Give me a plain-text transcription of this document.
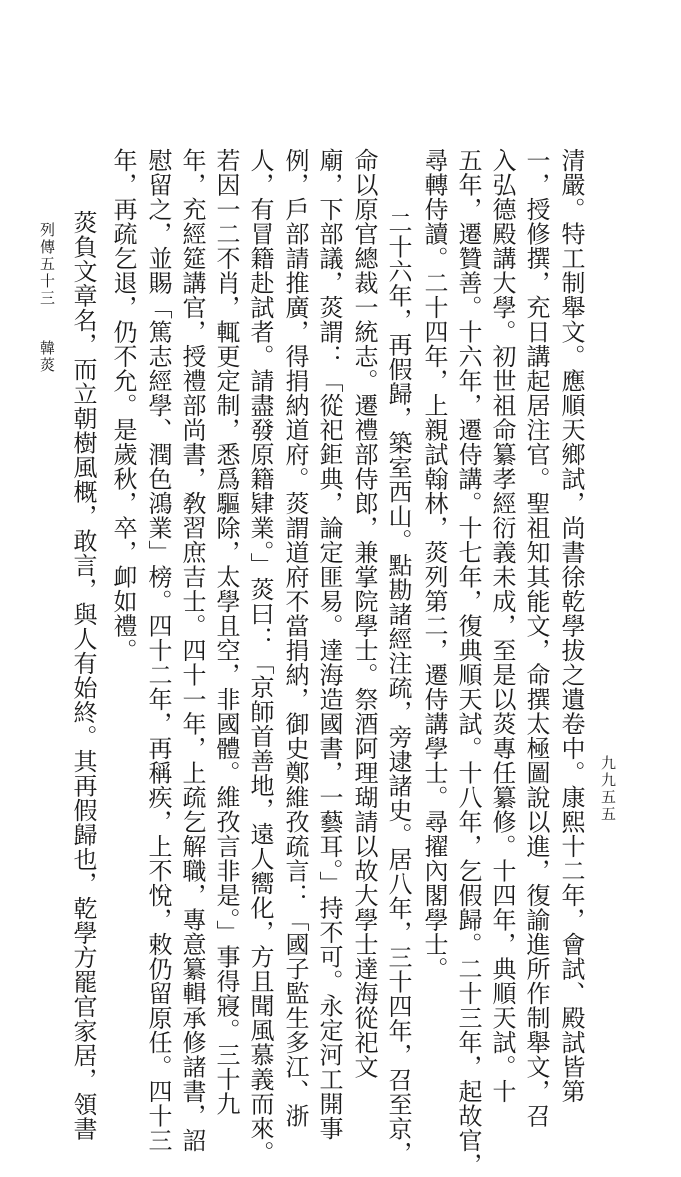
清嚴。特工制舉文。應順天鄉試，尚書徐乾學拔之遺卷中。康熙十二年，會試、殿試皆第
一，授修撰，充日講起居注官。聖祖知其能文，命撰太極圖說以進，復諭進所作制舉文，召
入弘德殿講大學。初世祖命纂孝經衍義未成，至是以菼專任纂修。十四年，典順天試。十
五年，遷贊善。十六年，遷侍講。十七年，復典順天試。十八年，乞假歸。二十三年，起故官，
尋轉侍讀。二十四年，上親試翰林，菼列第二，遷侍講學士。尋擢內閣學士。
二十六年，再假歸，築室西山。點勘諸經注疏，旁逮諸史。居八年，三十四年，召至京，
命以原官總裁一統志。遷禮部侍郎，兼掌院學士。祭酒阿理瑚請以故大學士達海從祀文
廟，下部議，菼謂：「從祀鉅典，論定匪易。達海造國書，一藝耳。」持不可。永定河工開事
例，戶部請推廣，得捐納道府。菼謂道府不當捐納，御史鄭維孜疏言：「國子監生多江、浙
人，有冒籍赴試者。請盡發原籍肄業。」菼曰：「京師首善地，遠人嚮化，方且聞風慕義而來。
若因一二不肖，輒更定制，悉爲驅除，太學且空，非國體。維孜言非是。」事得寢。三十九
年，充經筵講官，授禮部尚書，敎習庶吉士。四十一年，上疏乞解職，專意纂輯承修諸書，詔
慰留之，並賜「篤志經學、潤色鴻業」榜。四十二年，再稱疾，上不悅，敕仍留原任。四十三
年，再疏乞退，仍不允。是歲秋，卒，卹如禮。
菼負文章名，而立朝樹風概，敢言，與人有始終。其再假歸也，乾學方罷官家居，領書
列傳五十三
韓菼
九九五五
